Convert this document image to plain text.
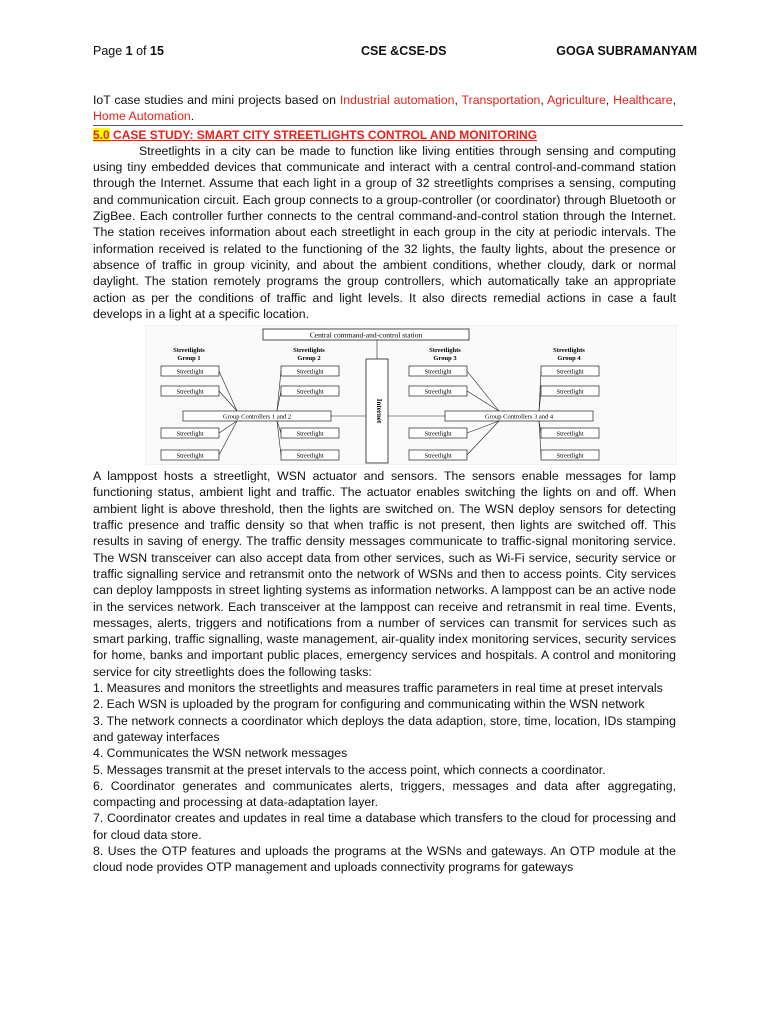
Page 1 of 15	CSE &CSE-DS	GOGA SUBRAMANYAM

IoT case studies and mini projects based on Industrial automation, Transportation, Agriculture, Healthcare, Home Automation.

5.0 CASE STUDY: SMART CITY STREETLIGHTS CONTROL AND MONITORING

Streetlights in a city can be made to function like living entities through sensing and computing using tiny embedded devices that communicate and interact with a central control-and-command station through the Internet. Assume that each light in a group of 32 streetlights comprises a sensing, computing and communication circuit. Each group connects to a group-controller (or coordinator) through Bluetooth or ZigBee. Each controller further connects to the central command-and-control station through the Internet. The station receives information about each streetlight in each group in the city at periodic intervals. The information received is related to the functioning of the 32 lights, the faulty lights, about the presence or absence of traffic in group vicinity, and about the ambient conditions, whether cloudy, dark or normal daylight. The station remotely programs the group controllers, which automatically take an appropriate action as per the conditions of traffic and light levels. It also directs remedial actions in case a fault develops in a light at a specific location.

Central command-and-control station
Streetlights
Group 1
Streetlights
Group 2
Streetlights
Group 3
Streetlights
Group 4
Internet
Group Controllers 1 and 2	Group Controllers 3 and 4
Streetlight
Streetlight
Streetlight
Streetlight
Streetlight
Streetlight
Streetlight
Streetlight
Streetlight
Streetlight
Streetlight
Streetlight
Streetlight
Streetlight
Streetlight
Streetlight

A lamppost hosts a streetlight, WSN actuator and sensors. The sensors enable messages for lamp functioning status, ambient light and traffic. The actuator enables switching the lights on and off. When ambient light is above threshold, then the lights are switched on. The WSN deploy sensors for detecting traffic presence and traffic density so that when traffic is not present, then lights are switched off. This results in saving of energy. The traffic density messages communicate to traffic-signal monitoring service. The WSN transceiver can also accept data from other services, such as Wi-Fi service, security service or traffic signalling service and retransmit onto the network of WSNs and then to access points. City services can deploy lampposts in street lighting systems as information networks. A lamppost can be an active node in the services network. Each transceiver at the lamppost can receive and retransmit in real time. Events, messages, alerts, triggers and notifications from a number of services can transmit for services such as smart parking, traffic signalling, waste management, air-quality index monitoring services, security services for home, banks and important public places, emergency services and hospitals. A control and monitoring service for city streetlights does the following tasks:

1. Measures and monitors the streetlights and measures traffic parameters in real time at preset intervals

2. Each WSN is uploaded by the program for configuring and communicating within the WSN network

3. The network connects a coordinator which deploys the data adaption, store, time, location, IDs stamping and gateway interfaces

4. Communicates the WSN network messages

5. Messages transmit at the preset intervals to the access point, which connects a coordinator.

6. Coordinator generates and communicates alerts, triggers, messages and data after aggregating, compacting and processing at data-adaptation layer.

7. Coordinator creates and updates in real time a database which transfers to the cloud for processing and for cloud data store.

8. Uses the OTP features and uploads the programs at the WSNs and gateways. An OTP module at the cloud node provides OTP management and uploads connectivity programs for gateways
